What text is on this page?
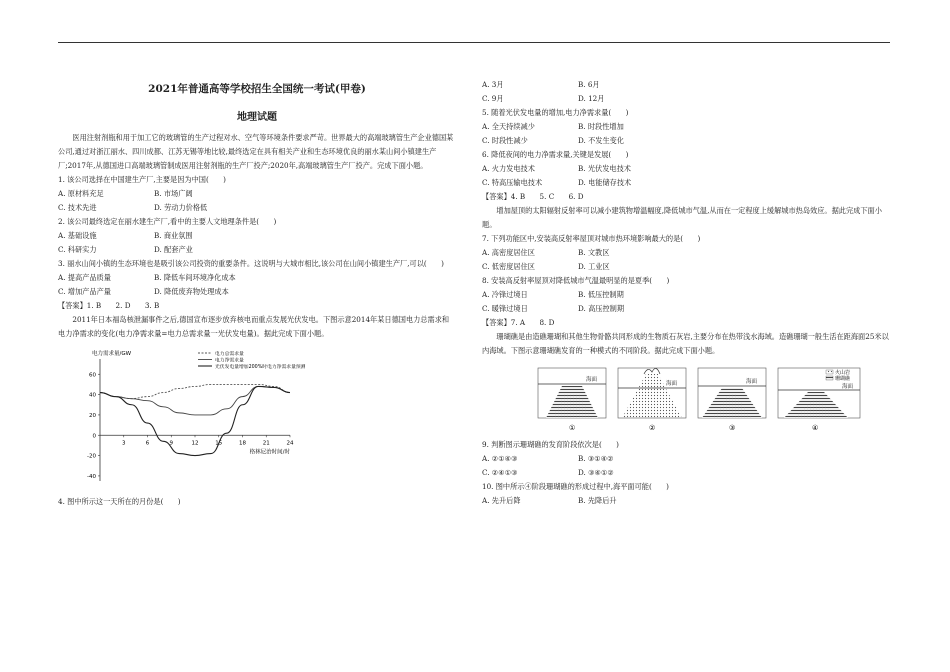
2021年普通高等学校招生全国统一考试(甲卷)
地理试题

医用注射剂瓶和用于加工它的玻璃管的生产过程对水、空气等环境条件要求严苛。世界最大的高端玻璃管生产企业德国某公司,通过对浙江丽水、四川成都、江苏无锡等地比较,最终选定在具有相关产业和生态环境优良的丽水某山间小镇建生产厂;2017年,从德国进口高端玻璃管制成医用注射剂瓶的生产厂投产;2020年,高端玻璃管生产厂投产。完成下面小题。

1. 该公司选择在中国建生产厂,主要是因为中国(　　)

A. 原材料充足	B. 市场广阔
C. 技术先进	D. 劳动力价格低

2. 该公司最终选定在丽水建生产厂,看中的主要人文地理条件是(　　)

A. 基础设施	B. 商业氛围
C. 科研实力	D. 配套产业

3. 丽水山间小镇的生态环境也是吸引该公司投资的重要条件。这说明与大城市相比,该公司在山间小镇建生产厂,可以(　　)

A. 提高产品质量	B. 降低车间环境净化成本
C. 增加产品产量	D. 降低废弃物处理成本

【答案】1. B　　2. D　　3. B

2011年日本福岛核泄漏事件之后,德国宣布逐步放弃核电而重点发展光伏发电。下图示意2014年某日德国电力总需求和电力净需求的变化(电力净需求量=电力总需求量一光伏发电量)。据此完成下面小题。

60
40
20
0
-20
-40
3	6	9	12	15	18	21	24
电力需求量/GW
格林尼治时间/时
电力总需求量
电力净需求量
光伏发电量增加200%时电力净需求量预测

4. 图中所示这一天所在的月份是(　　)

A. 3月	B. 6月
C. 9月	D. 12月

5. 随着光伏发电量的增加,电力净需求量(　　)

A. 全天持续减少	B. 时段性增加
C. 时段性减少	D. 不发生变化

6. 降低夜间的电力净需求量,关键是发展(　　)

A. 火力发电技术	B. 光伏发电技术
C. 特高压输电技术	D. 电能储存技术

【答案】4. B　　5. C　　6. D

增加屋顶的太阳辐射反射率可以减小建筑物增温幅度,降低城市气温,从而在一定程度上缓解城市热岛效应。据此完成下面小题。

7. 下列功能区中,安装高反射率屋顶对城市热环境影响最大的是(　　)

A. 高密度居住区	B. 文教区
C. 低密度居住区	D. 工业区

8. 安装高反射率屋顶对降低城市气温最明显的是夏季(　　)

A. 冷锋过境日	B. 低压控制期
C. 暖锋过境日	D. 高压控制期

【答案】7. A　　8. D

珊瑚礁是由造礁珊瑚和其他生物骨骼共同形成的生物质石灰岩,主要分布在热带浅水海域。造礁珊瑚一般生活在距海面25米以内海域。下图示意珊瑚礁发育的一种模式的不同阶段。据此完成下面小题。

海面
①
海面
②
海面
③
火山岩
珊瑚礁
海面
④

9. 判断图示珊瑚礁的发育阶段依次是(　　)

A. ②①④③	B. ③①④②
C. ②④①③	D. ③④①②

10. 图中所示④阶段珊瑚礁的形成过程中,海平面可能(　　)

A. 先升后降	B. 先降后升
